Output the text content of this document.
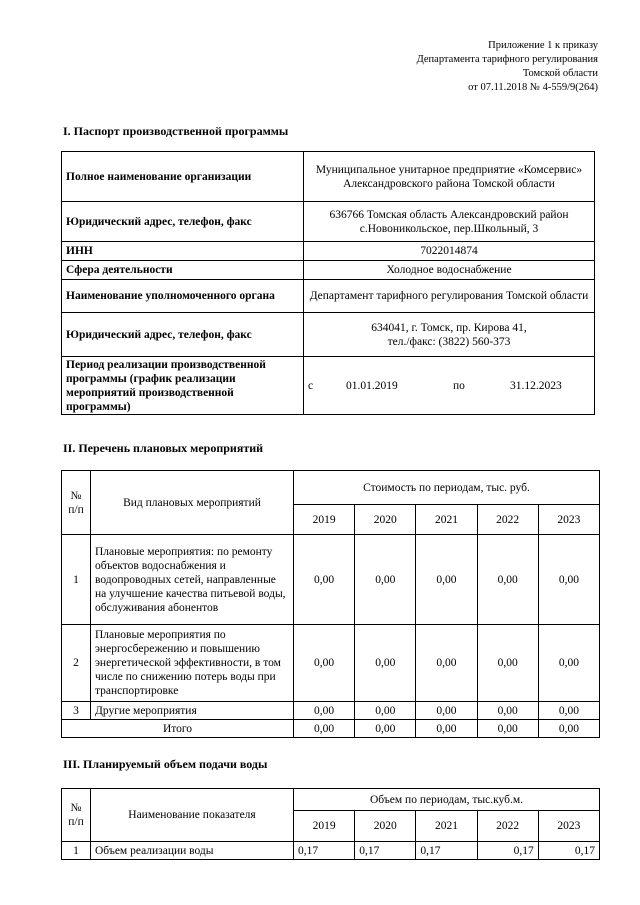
Приложение 1 к приказу
Департамента тарифного регулирования
Томской области
от 07.11.2018 № 4-559/9(264)
I. Паспорт производственной программы
Полное наименование организации	Муниципальное унитарное предприятие «Комсервис» Александровского района Томской области
Юридический адрес, телефон, факс	636766 Томская область Александровский район с.Новоникольское, пер.Школьный, 3
ИНН	7022014874
Сфера деятельности	Холодное водоснабжение
Наименование уполномоченного органа	Департамент тарифного регулирования Томской области
Юридический адрес, телефон, факс	634041, г. Томск, пр. Кирова 41,
тел./факс: (3822) 560-373

Период реализации производственной программы (график реализации мероприятий производственной программы)	с 01.01.2019 по 31.12.2023
II. Перечень плановых мероприятий
№ п/п	Вид плановых мероприятий	Стоимость по периодам, тыс. руб.				
		2019	2020	2021	2022	2023
1	Плановые мероприятия: по ремонту объектов водоснабжения и водопроводных сетей, направленные на улучшение качества питьевой воды, обслуживания абонентов	0,00	0,00	0,00	0,00	0,00
2	Плановые мероприятия по энергосбережению и повышению энергетической эффективности, в том числе по снижению потерь воды при транспортировке	0,00	0,00	0,00	0,00	0,00
3	Другие мероприятия	0,00	0,00	0,00	0,00	0,00
Итого		0,00	0,00	0,00	0,00	0,00
III. Планируемый объем подачи воды
№ п/п	Наименование показателя	Объем по периодам, тыс.куб.м.				
		2019	2020	2021	2022	2023
1	Объем реализации воды	0,17	0,17	0,17	0,17	0,17
